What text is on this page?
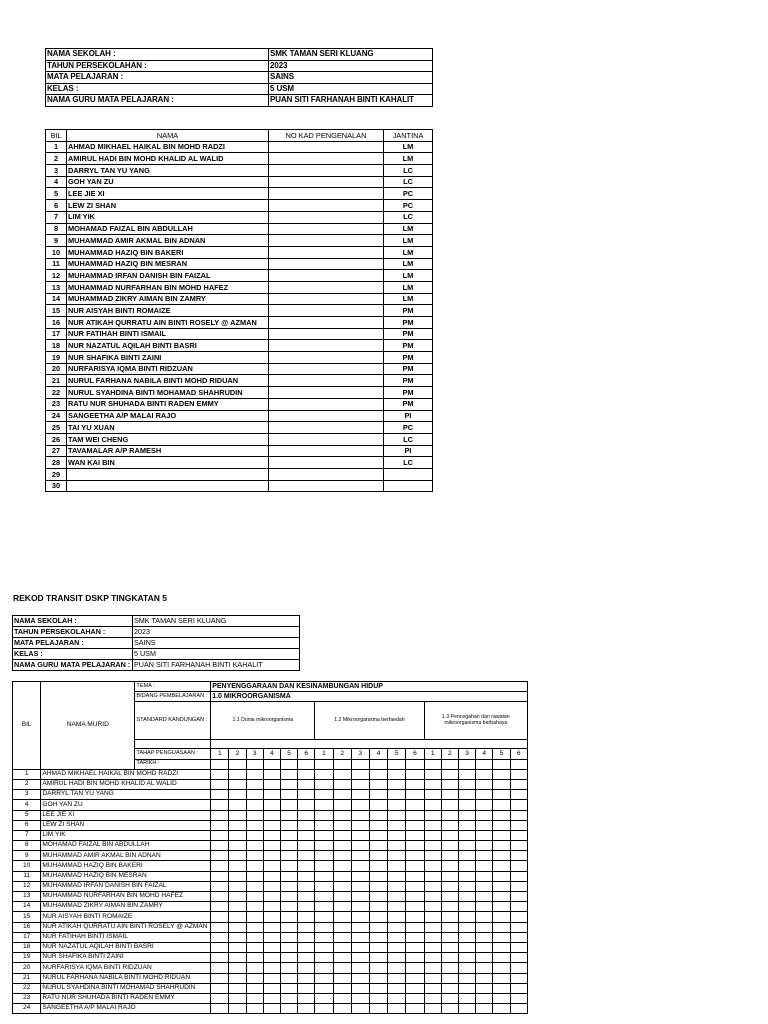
NAMA SEKOLAH :	SMK TAMAN SERI KLUANG
TAHUN PERSEKOLAHAN :	2023
MATA PELAJARAN :	SAINS
KELAS :	5 USM
NAMA GURU MATA PELAJARAN :	PUAN SITI FARHANAH BINTI KAHALIT
BIL	NAMA	NO KAD PENGENALAN	JANTINA
1	AHMAD MIKHAEL HAIKAL BIN MOHD RADZI		LM
2	AMIRUL HADI BIN MOHD KHALID AL WALID		LM
3	DARRYL TAN YU YANG		LC
4	GOH YAN ZU		LC
5	LEE JIE XI		PC
6	LEW ZI SHAN		PC
7	LIM YIK		LC
8	MOHAMAD FAIZAL BIN ABDULLAH		LM
9	MUHAMMAD AMIR AKMAL BIN ADNAN		LM
10	MUHAMMAD HAZIQ BIN BAKERI		LM
11	MUHAMMAD HAZIQ BIN MESRAN		LM
12	MUHAMMAD IRFAN DANISH BIN FAIZAL		LM
13	MUHAMMAD NURFARHAN BIN MOHD HAFEZ		LM
14	MUHAMMAD ZIKRY AIMAN BIN ZAMRY		LM
15	NUR AISYAH BINTI ROMAIZE		PM
16	NUR ATIKAH QURRATU AIN BINTI ROSELY @ AZMAN		PM
17	NUR FATIHAH BINTI ISMAIL		PM
18	NUR NAZATUL AQILAH BINTI BASRI		PM
19	NUR SHAFIKA BINTI ZAINI		PM
20	NURFARISYA IQMA BINTI RIDZUAN		PM
21	NURUL FARHANA NABILA BINTI MOHD RIDUAN		PM
22	NURUL SYAHDINA BINTI MOHAMAD SHAHRUDIN		PM
23	RATU NUR SHUHADA BINTI RADEN EMMY		PM
24	SANGEETHA A/P MALAI RAJO		PI
25	TAI YU XUAN		PC
26	TAM WEI CHENG		LC
27	TAVAMALAR A/P RAMESH		PI
28	WAN KAI BIN		LC
29			
30			
REKOD TRANSIT DSKP TINGKATAN 5
NAMA SEKOLAH :	SMK TAMAN SERI KLUANG
TAHUN PERSEKOLAHAN :	2023
MATA PELAJARAN :	SAINS
KELAS :	5 USM
NAMA GURU MATA PELAJARAN :	PUAN SITI FARHANAH BINTI KAHALIT
BIL	NAMA MURID	TEMA :	PENYENGGARAAN DAN KESINAMBUNGAN HIDUP																	
		BIDANG PEMBELAJARAN :	1.0 MIKROORGANISMA																	
		STANDARD KANDUNGAN :	1.1 Dunia mikroorganisma						1.2 Mikroorganisma berfaedah						1.3 Pencegahan dan rawatan mikroorganisma berbahaya					

		TAHAP PENGUASAAN :	1	2	3	4	5	6	1	2	3	4	5	6	1	2	3	4	5	6
		TARIKH :																		
1	AHMAD MIKHAEL HAIKAL BIN MOHD RADZI																			
2	AMIRUL HADI BIN MOHD KHALID AL WALID																			
3	DARRYL TAN YU YANG																			
4	GOH YAN ZU																			
5	LEE JIE XI																			
6	LEW ZI SHAN																			
7	LIM YIK																			
8	MOHAMAD FAIZAL BIN ABDULLAH																			
9	MUHAMMAD AMIR AKMAL BIN ADNAN																			
10	MUHAMMAD HAZIQ BIN BAKERI																			
11	MUHAMMAD HAZIQ BIN MESRAN																			
12	MUHAMMAD IRFAN DANISH BIN FAIZAL																			
13	MUHAMMAD NURFARHAN BIN MOHD HAFEZ																			
14	MUHAMMAD ZIKRY AIMAN BIN ZAMRY																			
15	NUR AISYAH BINTI ROMAIZE																			
16	NUR ATIKAH QURRATU AIN BINTI ROSELY @ AZMAN																			
17	NUR FATIHAH BINTI ISMAIL																			
18	NUR NAZATUL AQILAH BINTI BASRI																			
19	NUR SHAFIKA BINTI ZAINI																			
20	NURFARISYA IQMA BINTI RIDZUAN																			
21	NURUL FARHANA NABILA BINTI MOHD RIDUAN																			
22	NURUL SYAHDINA BINTI MOHAMAD SHAHRUDIN																			
23	RATU NUR SHUHADA BINTI RADEN EMMY																			
24	SANGEETHA A/P MALAI RAJO																			
